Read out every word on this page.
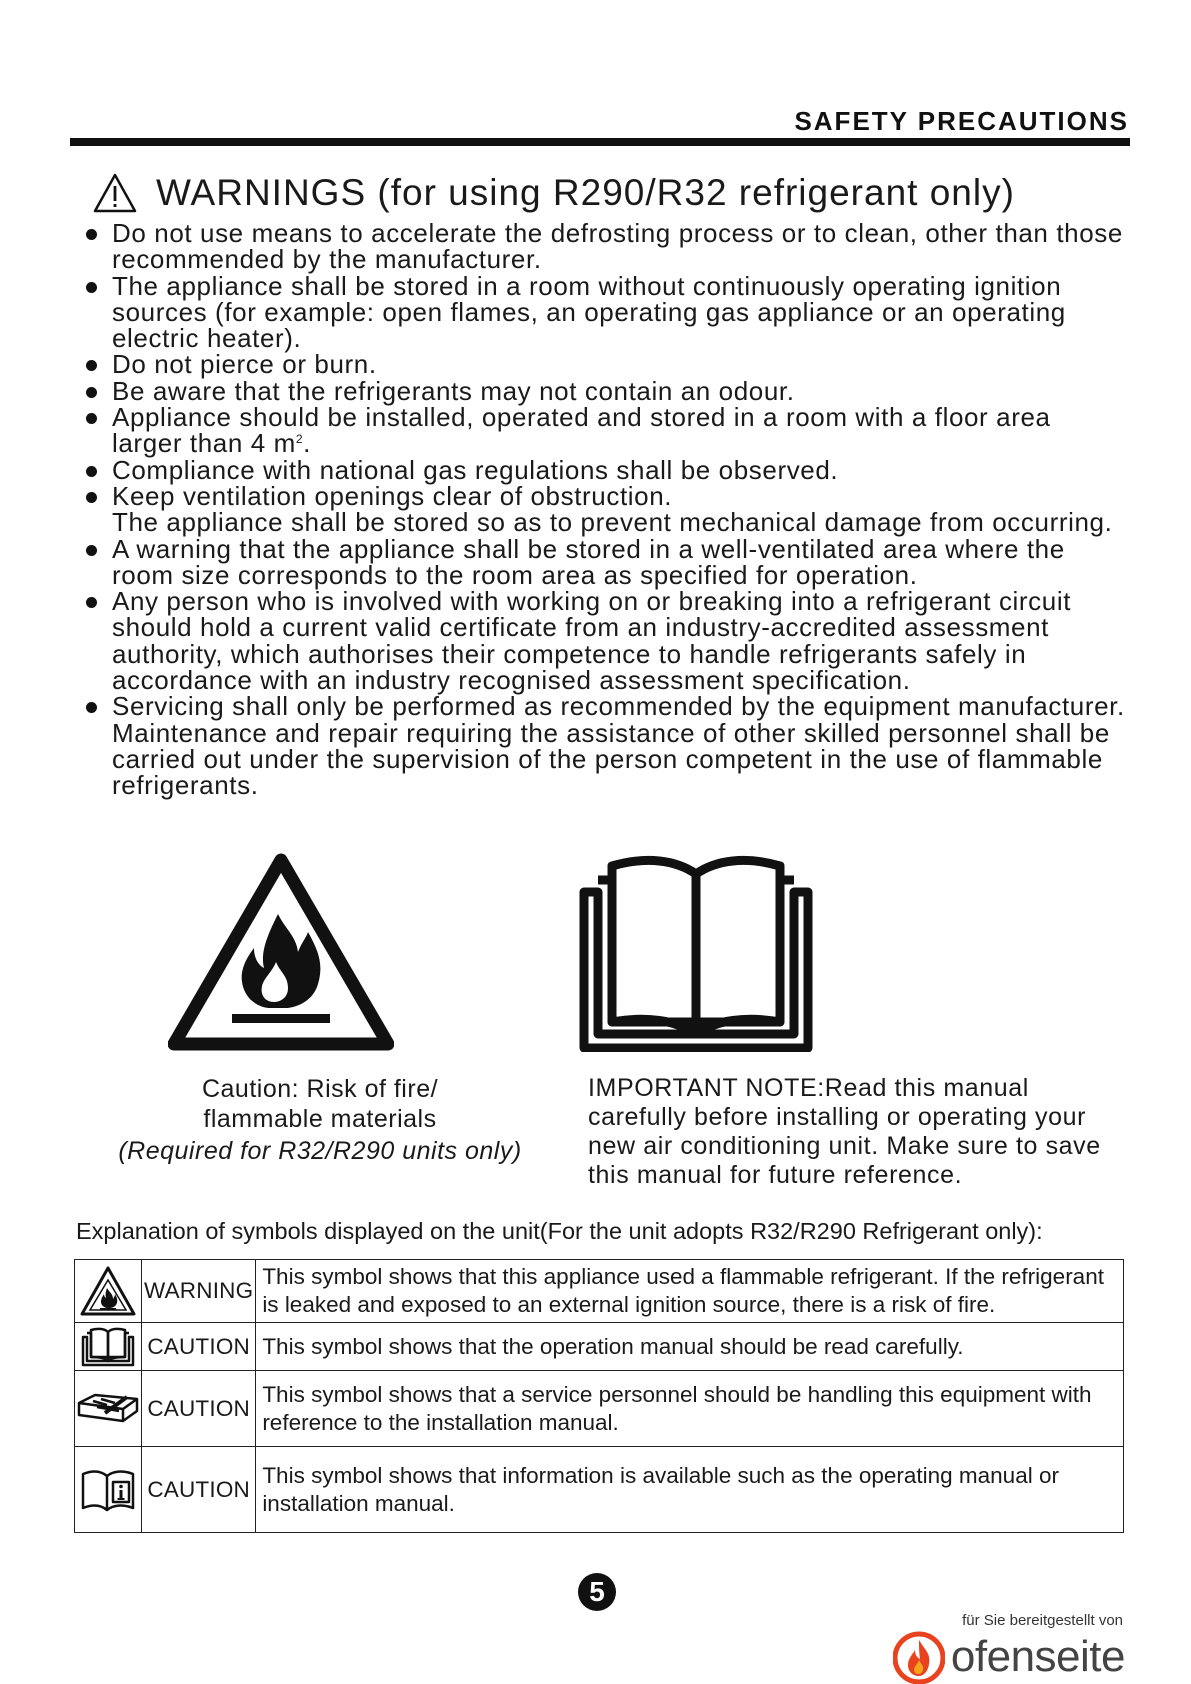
SAFETY PRECAUTIONS
WARNINGS (for using R290/R32 refrigerant only)
Do not use means to accelerate the defrosting process or to clean, other than those recommended by the manufacturer.
The appliance shall be stored in a room without continuously operating ignition sources (for example: open flames, an operating gas appliance or an operating electric heater).
Do not pierce or burn.
Be aware that the refrigerants may not contain an odour.
Appliance should be installed, operated and stored in a room with a floor area larger than 4 $m^2$.
Compliance with national gas regulations shall be observed.
Keep ventilation openings clear of obstruction.
The appliance shall be stored so as to prevent mechanical damage from occurring.
A warning that the appliance shall be stored in a well-ventilated area where the room size corresponds to the room area as specified for operation.
Any person who is involved with working on or breaking into a refrigerant circuit should hold a current valid certificate from an industry-accredited assessment authority, which authorises their competence to handle refrigerants safely in accordance with an industry recognised assessment specification.
Servicing shall only be performed as recommended by the equipment manufacturer. Maintenance and repair requiring the assistance of other skilled personnel shall be carried out under the supervision of the person competent in the use of flammable refrigerants.
Caution: Risk of fire/
flammable materials
(Required for R32/R290 units only)
IMPORTANT NOTE:Read this manual carefully before installing or operating your new air conditioning unit. Make sure to save this manual for future reference.
Explanation of symbols displayed on the unit(For the unit adopts R32/R290 Refrigerant only):
	WARNING	This symbol shows that this appliance used a flammable refrigerant. If the refrigerant is leaked and exposed to an external ignition source, there is a risk of fire.

	CAUTION	This symbol shows that the operation manual should be read carefully.

	CAUTION	This symbol shows that a service personnel should be handling this equipment with reference to the installation manual.

	CAUTION	This symbol shows that information is available such as the operating manual or installation manual.
5
für Sie bereitgestellt von
ofenseite
